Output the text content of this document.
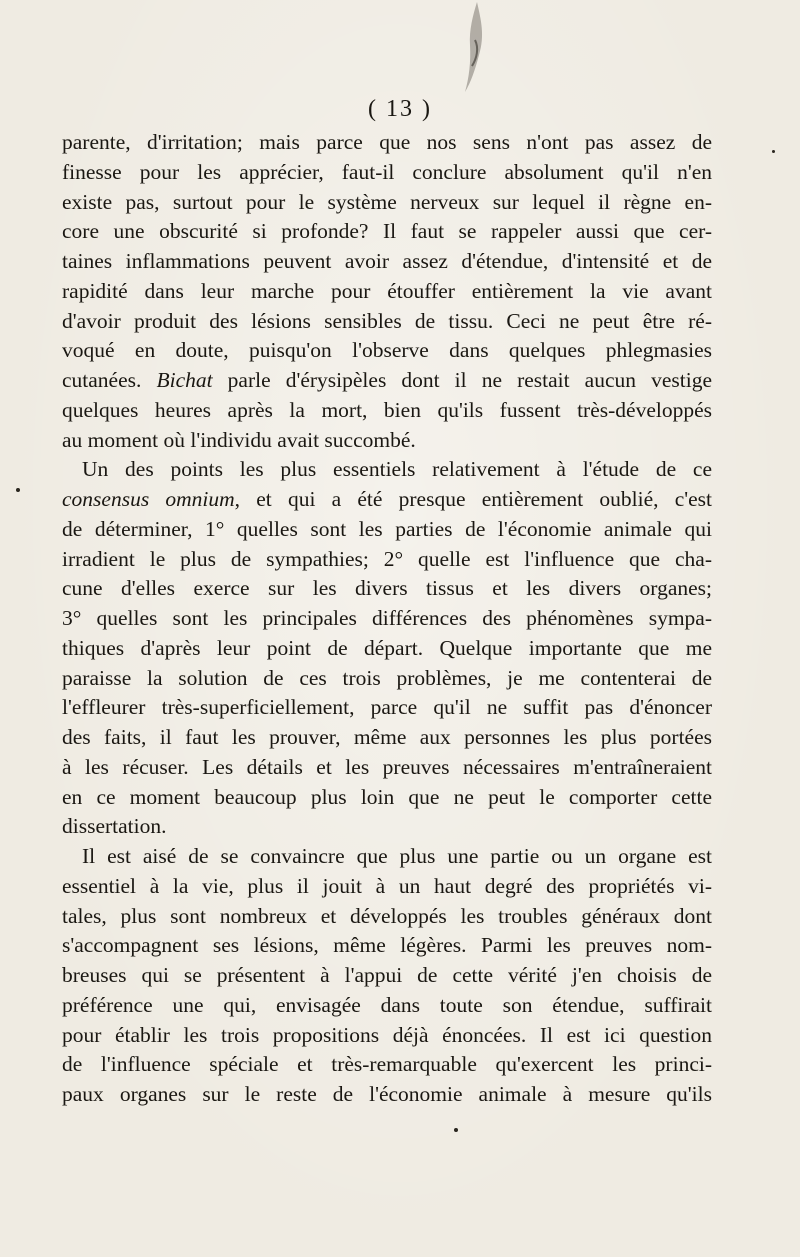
( 13 )
parente, d'irritation; mais parce que nos sens n'ont pas assez de
finesse pour les apprécier, faut-il conclure absolument qu'il n'en
existe pas, surtout pour le système nerveux sur lequel il règne en-
core une obscurité si profonde? Il faut se rappeler aussi que cer-
taines inflammations peuvent avoir assez d'étendue, d'intensité et de
rapidité dans leur marche pour étouffer entièrement la vie avant
d'avoir produit des lésions sensibles de tissu. Ceci ne peut être ré-
voqué en doute, puisqu'on l'observe dans quelques phlegmasies
cutanées. Bichat parle d'érysipèles dont il ne restait aucun vestige
quelques heures après la mort, bien qu'ils fussent très-développés
au moment où l'individu avait succombé.
Un des points les plus essentiels relativement à l'étude de ce
consensus omnium, et qui a été presque entièrement oublié, c'est
de déterminer, 1° quelles sont les parties de l'économie animale qui
irradient le plus de sympathies; 2° quelle est l'influence que cha-
cune d'elles exerce sur les divers tissus et les divers organes;
3° quelles sont les principales différences des phénomènes sympa-
thiques d'après leur point de départ. Quelque importante que me
paraisse la solution de ces trois problèmes, je me contenterai de
l'effleurer très-superficiellement, parce qu'il ne suffit pas d'énoncer
des faits, il faut les prouver, même aux personnes les plus portées
à les récuser. Les détails et les preuves nécessaires m'entraîneraient
en ce moment beaucoup plus loin que ne peut le comporter cette
dissertation.
Il est aisé de se convaincre que plus une partie ou un organe est
essentiel à la vie, plus il jouit à un haut degré des propriétés vi-
tales, plus sont nombreux et développés les troubles généraux dont
s'accompagnent ses lésions, même légères. Parmi les preuves nom-
breuses qui se présentent à l'appui de cette vérité j'en choisis de
préférence une qui, envisagée dans toute son étendue, suffirait
pour établir les trois propositions déjà énoncées. Il est ici question
de l'influence spéciale et très-remarquable qu'exercent les princi-
paux organes sur le reste de l'économie animale à mesure qu'ils
